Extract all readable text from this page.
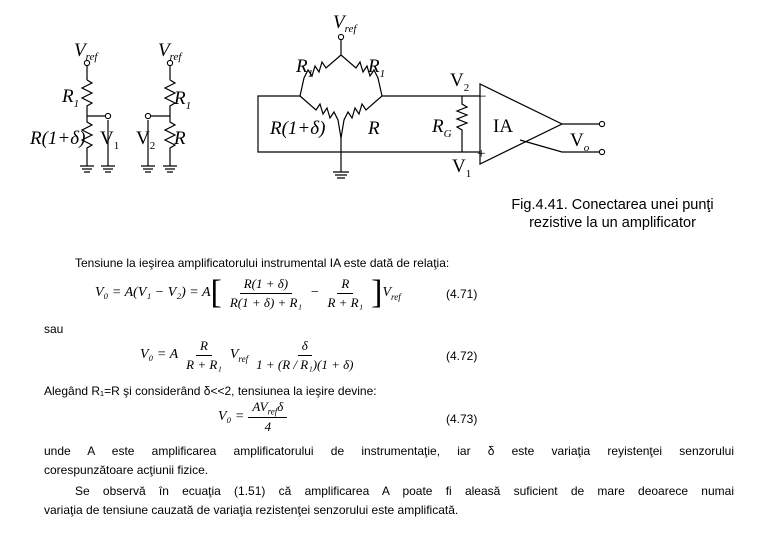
$V_{ref}$
$R_1$
R(1+δ) $V_1$
$V_{ref}$
$R_1$
$V_2$ R
$V_{ref}$
$R_1$	$R_1$
R(1+δ) R
$V_2$
$V_1$
$R_G$ IA
−
+
$V_o$
Fig.4.41. Conectarea unei punţi
rezistive la un amplificator
Tensiune la ieşirea amplificatorului instrumental IA este dată de relaţia:
V₀ = A(V₁ − V₂) = A [ $\frac{R(1 + \delta)}{\text{R(1 + δ) + R₁}} - \frac{R}{\text{R + R₁}}$ ] $V_{ref}$	(4.71)
sau
V₀ = A $\frac{R}{\text{R + R₁}} V_{ref} \frac{\delta}{\text{1 + (R / R₁)(1 + δ)}}$	(4.72)
Alegând R₁=R şi considerând δ<<2, tensiunea la ieşire devine:
$V_0 = \frac{AV_{ref}\delta}{4}$	(4.73)
unde A este amplificarea amplificatorului de instrumentaţie, iar δ este variaţia reyistenţei senzorului
corespunzătoare acţiunii fizice.
Se observă în ecuaţia (1.51) că amplificarea A poate fi aleasă suficient de mare deoarece numai
variaţia de tensiune cauzată de variaţia rezistenţei senzorului este amplificată.
